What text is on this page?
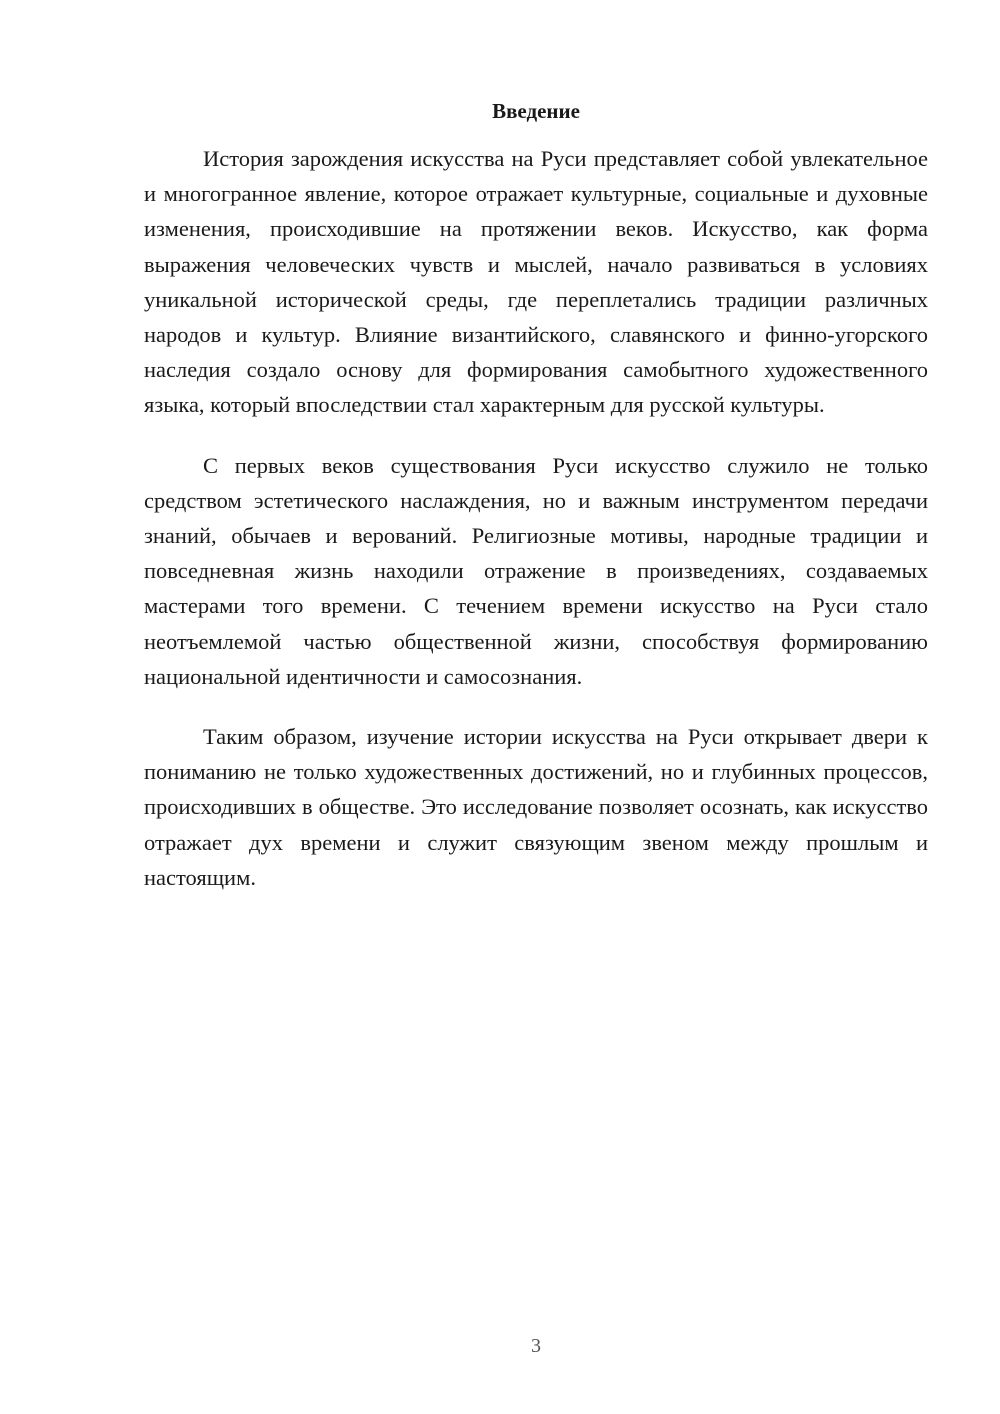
Введение

История зарождения искусства на Руси представляет собой увлекательное и многогранное явление, которое отражает культурные, социальные и духовные изменения, происходившие на протяжении веков. Искусство, как форма выражения человеческих чувств и мыслей, начало развиваться в условиях уникальной исторической среды, где переплетались традиции различных народов и культур. Влияние византийского, славянского и финно-угорского наследия создало основу для формирования самобытного художественного языка, который впоследствии стал характерным для русской культуры.

С первых веков существования Руси искусство служило не только средством эстетического наслаждения, но и важным инструментом передачи знаний, обычаев и верований. Религиозные мотивы, народные традиции и повседневная жизнь находили отражение в произведениях, создаваемых мастерами того времени. С течением времени искусство на Руси стало неотъемлемой частью общественной жизни, способствуя формированию национальной идентичности и самосознания.

Таким образом, изучение истории искусства на Руси открывает двери к пониманию не только художественных достижений, но и глубинных процессов, происходивших в обществе. Это исследование позволяет осознать, как искусство отражает дух времени и служит связующим звеном между прошлым и настоящим.

3
